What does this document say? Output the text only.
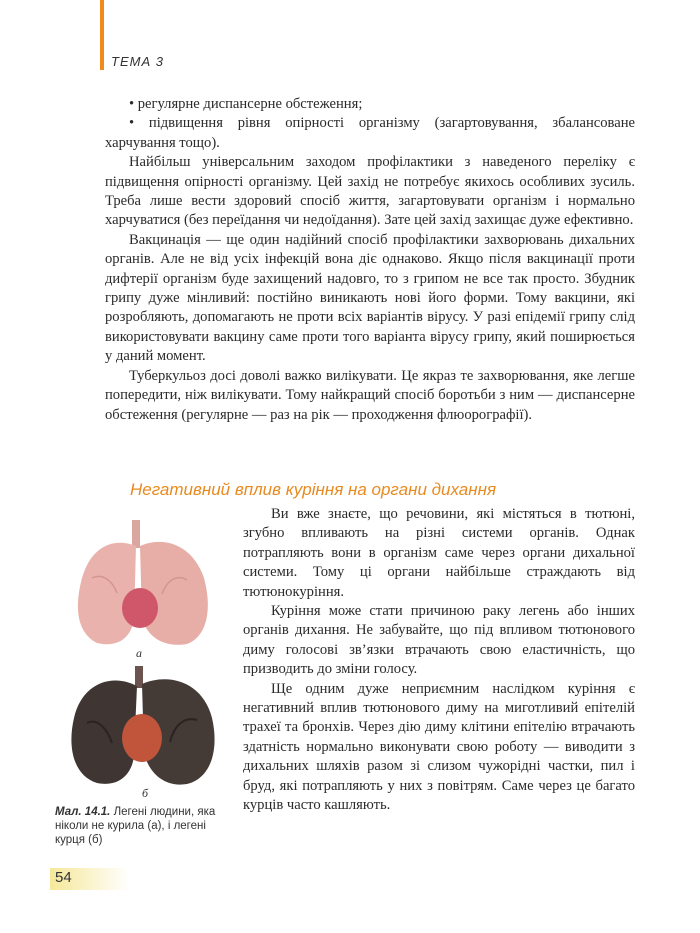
ТЕМА 3

• регулярне диспансерне обстеження;

• підвищення рівня опірності організму (загартовування, збалансоване харчування тощо).

Найбільш універсальним заходом профілактики з наведеного переліку є підвищення опірності організму. Цей захід не потребує якихось особливих зусиль. Треба лише вести здоровий спосіб життя, загартовувати організм і нормально харчуватися (без переїдання чи недоїдання). Зате цей захід захищає дуже ефективно.

Вакцинація — ще один надійний спосіб профілактики захворювань дихальних органів. Але не від усіх інфекцій вона діє однаково. Якщо після вакцинації проти дифтерії організм буде захищений надовго, то з грипом не все так просто. Збудник грипу дуже мінливий: постійно виникають нові його форми. Тому вакцини, які розробляють, допомагають не проти всіх варіантів вірусу. У разі епідемії грипу слід використовувати вакцину саме проти того варіанта вірусу грипу, який поширюється у даний момент.

Туберкульоз досі доволі важко вилікувати. Це якраз те захворювання, яке легше попередити, ніж вилікувати. Тому найкращий спосіб боротьби з ним — диспансерне обстеження (регулярне — раз на рік — проходження флюорографії).

Негативний вплив куріння на органи дихання
а
б
Мал. 14.1. Легені людини, яка ніколи не курила (а), і легені курця (б)

Ви вже знаєте, що речовини, які містяться в тютюні, згубно впливають на різні системи органів. Однак потрапляють вони в організм саме через органи дихальної системи. Тому ці органи найбільше страждають від тютюнокуріння.

Куріння може стати причиною раку легень або інших органів дихання. Не забувайте, що під впливом тютюнового диму голосові зв’язки втрачають свою еластичність, що призводить до зміни голосу.

Ще одним дуже неприємним наслідком куріння є негативний вплив тютюнового диму на миготливий епітелій трахеї та бронхів. Через дію диму клітини епітелію втрачають здатність нормально виконувати свою роботу — виводити з дихальних шляхів разом зі слизом чужорідні частки, пил і бруд, які потрапляють у них з повітрям. Саме через це багато курців часто кашляють.

54
